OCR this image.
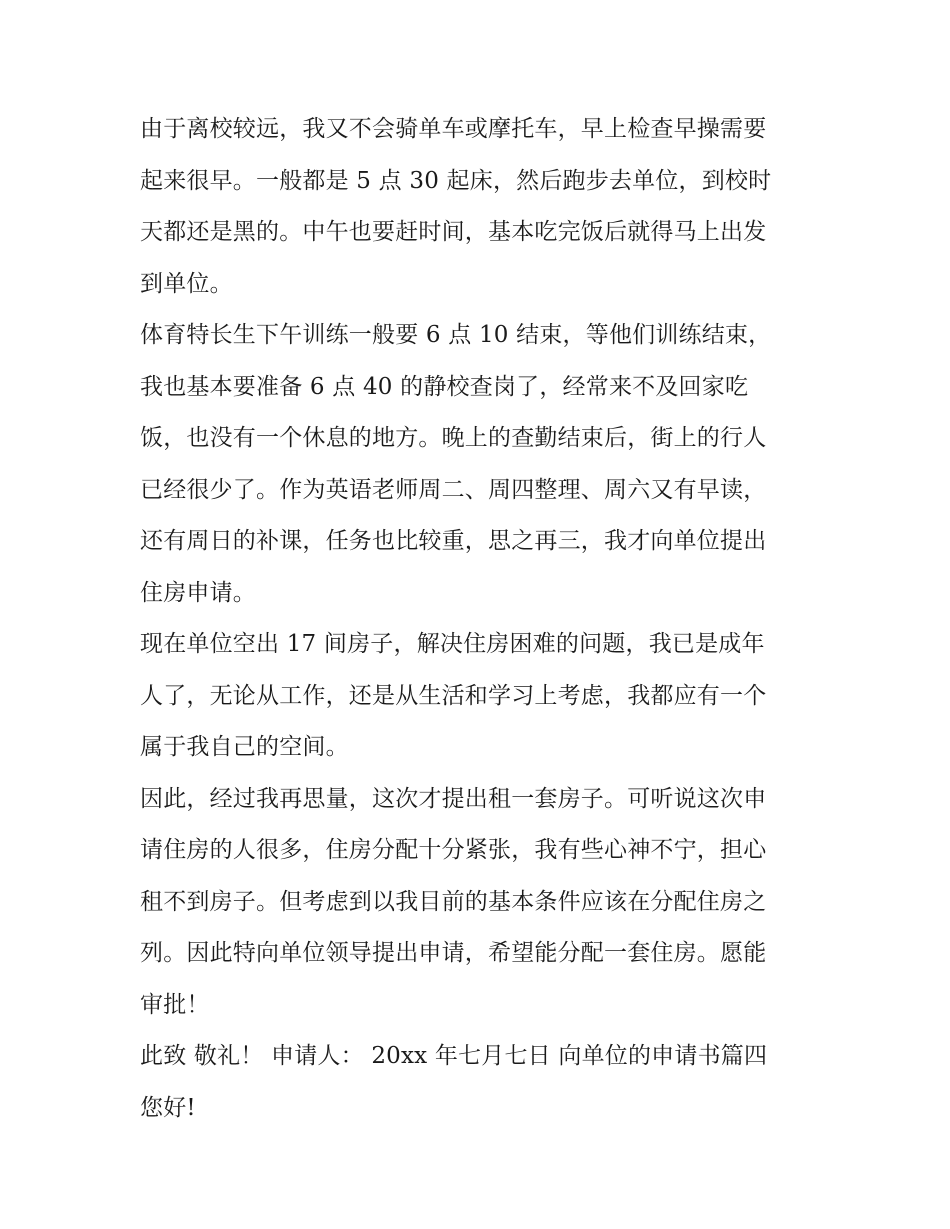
由于离校较远，我又不会骑单车或摩托车，早上检查早操需要
起来很早。一般都是 5 点 30 起床，然后跑步去单位，到校时
天都还是黑的。中午也要赶时间，基本吃完饭后就得马上出发
到单位。
体育特长生下午训练一般要 6 点 10 结束，等他们训练结束，
我也基本要准备 6 点 40 的静校查岗了，经常来不及回家吃
饭，也没有一个休息的地方。晚上的查勤结束后，街上的行人
已经很少了。作为英语老师周二、周四整理、周六又有早读，
还有周日的补课，任务也比较重，思之再三，我才向单位提出
住房申请。
现在单位空出 17 间房子，解决住房困难的问题，我已是成年
人了，无论从工作，还是从生活和学习上考虑，我都应有一个
属于我自己的空间。
因此，经过我再思量，这次才提出租一套房子。可听说这次申
请住房的人很多，住房分配十分紧张，我有些心神不宁，担心
租不到房子。但考虑到以我目前的基本条件应该在分配住房之
列。因此特向单位领导提出申请，希望能分配一套住房。愿能
审批！
此致 敬礼！ 申请人： 20xx 年七月七日 向单位的申请书篇四
您好!
